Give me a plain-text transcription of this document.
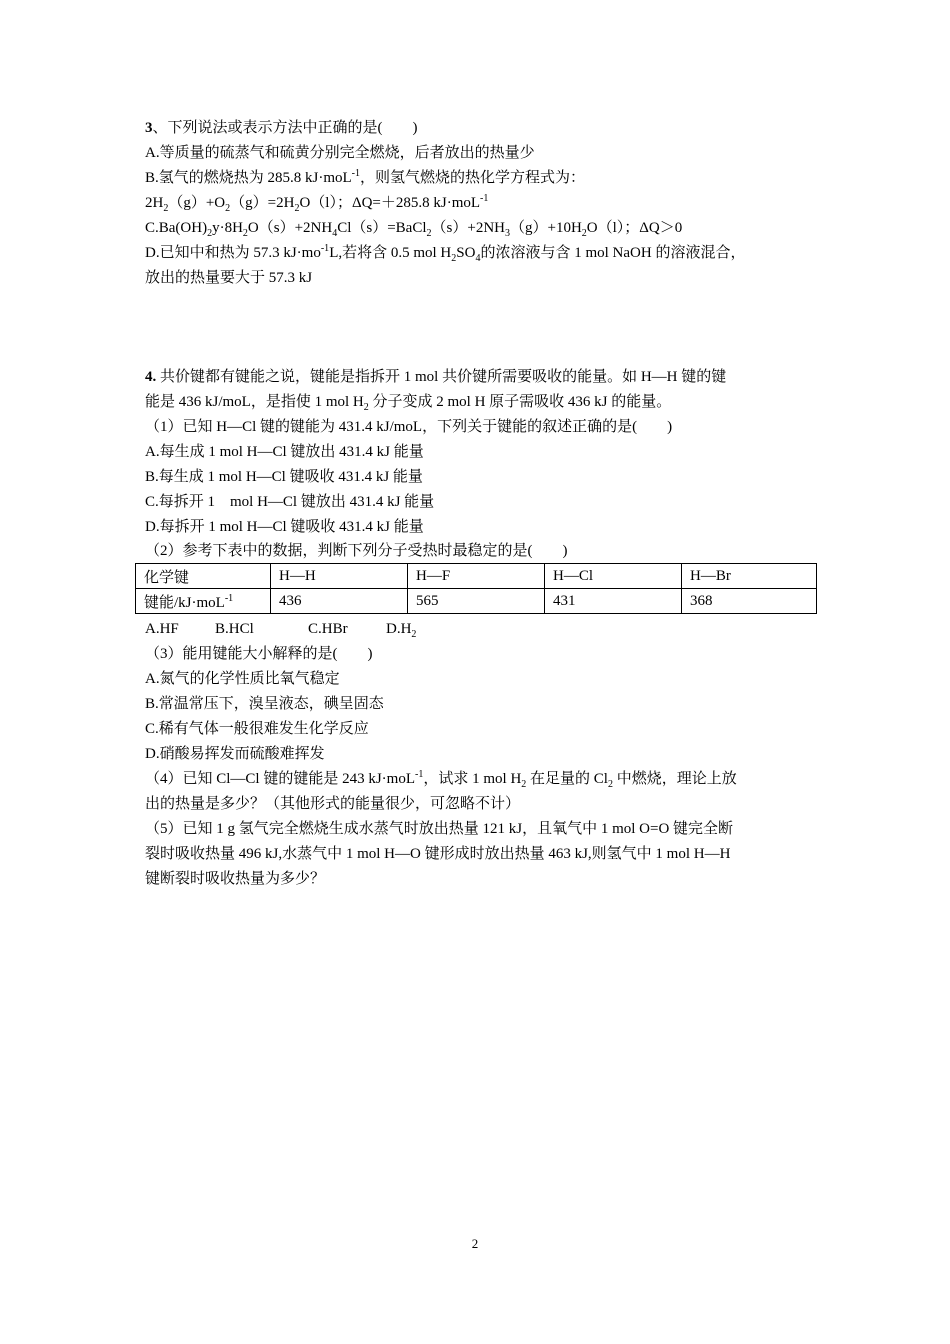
3、下列说法或表示方法中正确的是(　　)
A.等质量的硫蒸气和硫黄分别完全燃烧，后者放出的热量少
B.氢气的燃烧热为 285.8 kJ·moL$^{-1}$，则氢气燃烧的热化学方程式为：
$2H_2(g)+O_2(g)=2H_2O(l)$；ΔQ=＋285.8 kJ·moL$^{-1}$
$C.Ba(OH)_2y\cdot 8H_2O(s)+2NH_4Cl(s)=BaCl_2(s)+2NH_3(g)+10H_2O(l)$；ΔQ＞0
D.已知中和热为 57.3 $kJ\cdot mo^{-1}L$,若将含 0.5 mol $H_2SO_4$的浓溶液与含 1 mol NaOH 的溶液混合，
放出的热量要大于 57.3 kJ
4. 共价键都有键能之说，键能是指拆开 1 mol 共价键所需要吸收的能量。如 H—H 键的键
能是 436 kJ/moL，是指使 1 mol $H_2$ 分子变成 2 mol H 原子需吸收 436 kJ 的能量。
（1）已知 H—Cl 键的键能为 431.4 kJ/moL，下列关于键能的叙述正确的是(　　)
A.每生成 1 mol H—Cl 键放出 431.4 kJ 能量
B.每生成 1 mol H—Cl 键吸收 431.4 kJ 能量
C.每拆开 1　mol H—Cl 键放出 431.4 kJ 能量
D.每拆开 1 mol H—Cl 键吸收 431.4 kJ 能量
（2）参考下表中的数据，判断下列分子受热时最稳定的是(　　)
化学键	H—H	H—F	H—Cl	H—Br
键能/kJ·moL$^{-1}$	436	565	431	368
A.HF B.HCl	C.HBr	$D.H_2$
（3）能用键能大小解释的是(　　)
A.氮气的化学性质比氧气稳定
B.常温常压下，溴呈液态，碘呈固态
C.稀有气体一般很难发生化学反应
D.硝酸易挥发而硫酸难挥发
（4）已知 Cl—Cl 键的键能是 243 kJ·moL$^{-1}$，试求 1 mol $H_2$ 在足量的 $Cl_2$ 中燃烧，理论上放
出的热量是多少？（其他形式的能量很少，可忽略不计）
（5）已知 1 g 氢气完全燃烧生成水蒸气时放出热量 121 kJ，且氧气中 1 mol O=O 键完全断
裂时吸收热量 496 kJ,水蒸气中 1 mol H—O 键形成时放出热量 463 kJ,则氢气中 1 mol H—H
键断裂时吸收热量为多少？
2
